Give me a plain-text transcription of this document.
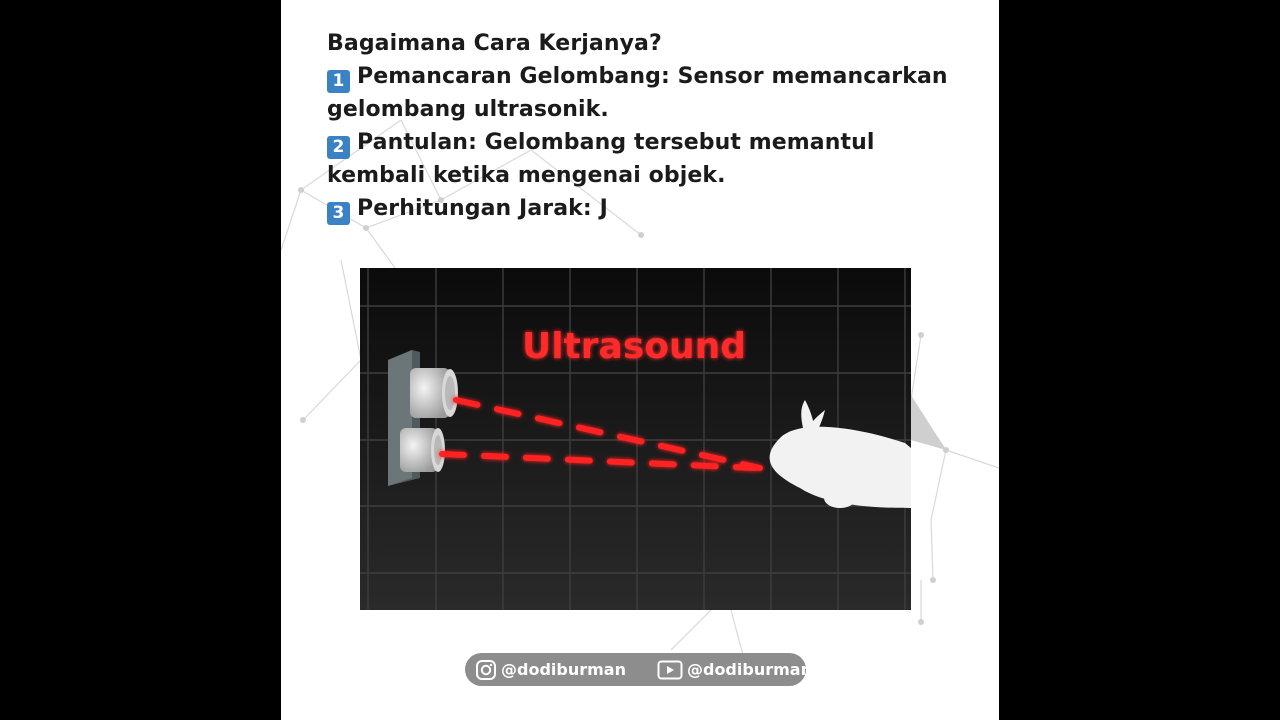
Bagaimana Cara Kerjanya?
1 Pemancaran Gelombang: Sensor memancarkan
gelombang ultrasonik.
2 Pantulan: Gelombang tersebut memantul
kembali ketika mengenai objek.
3 Perhitungan Jarak: J
Ultrasound
@dodiburman	@dodiburman
